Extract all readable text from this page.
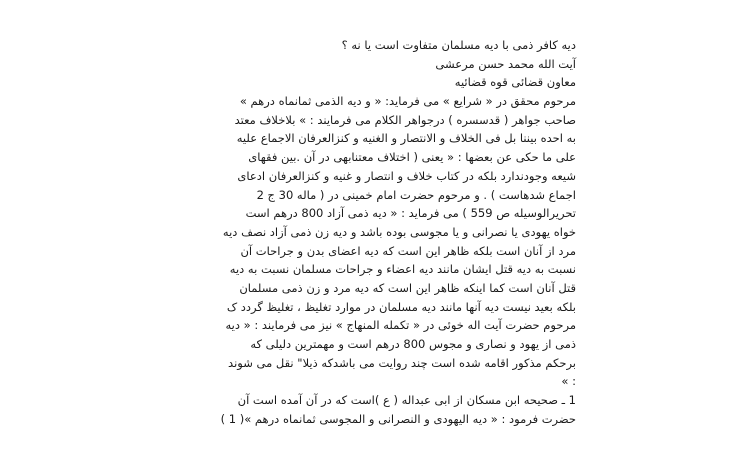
دیه کافر ذمی با دیه مسلمان متفاوت است یا نه ؟
آیت الله محمد حسن مرعشی
معاون قضائی قوه قضائیه
مرحوم محقق در « شرایع » می فرماید: « و دیه الذمی ثمانماه درهم »
صاحب جواهر ( قدسسره ) درجواهر الکلام می فرمایند : » بلاخلاف معتد
به احده بیننا بل فی الخلاف و الانتصار و الغنیه و کنزالعرفان الاجماع علیه
علی ما حکی عن بعضها : « یعنی ( اختلاف معتنابهی در آن .بین فقهای
شیعه وجودندارد بلکه در کتاب خلاف و انتصار و غنیه و کنزالعرفان ادعای
اجماع شدهاست ) . و مرحوم حضرت امام خمینی در ( ماله 30 ج 2
تحریرالوسیله ص 559 ) می فرماید : « دیه ذمی آزاد 800 درهم است
خواه یهودی یا نصرانی و یا مجوسی بوده باشد و دیه زن ذمی آزاد نصف دیه
مرد از آنان است بلکه ظاهر این است که دیه اعضای بدن و جراحات آن
نسبت به دیه قتل ایشان مانند دیه اعضاء و جراحات مسلمان نسبت به دیه
قتل آنان است کما اینکه ظاهر این است که دیه مرد و زن ذمی مسلمان
بلکه بعید نیست دیه آنها مانند دیه مسلمان در موارد تغلیظ ، تغلیظ گردد ک
مرحوم حضرت آیت اله خوئی در « تکمله المنهاج » نیز می فرمایند : « دیه
ذمی از یهود و نصاری و مجوس 800 درهم است و مهمترین دلیلی که
برحکم مذکور اقامه شده است چند روایت می باشدکه ذیلا" نقل می شوند
: »
1 ـ صحیحه ابن مسکان از ابی عبداله ( ع )است که در آن آمده است آن
حضرت فرمود : « دیه الیهودی و النصرانی و المجوسی ثمانماه درهم »( 1 )
